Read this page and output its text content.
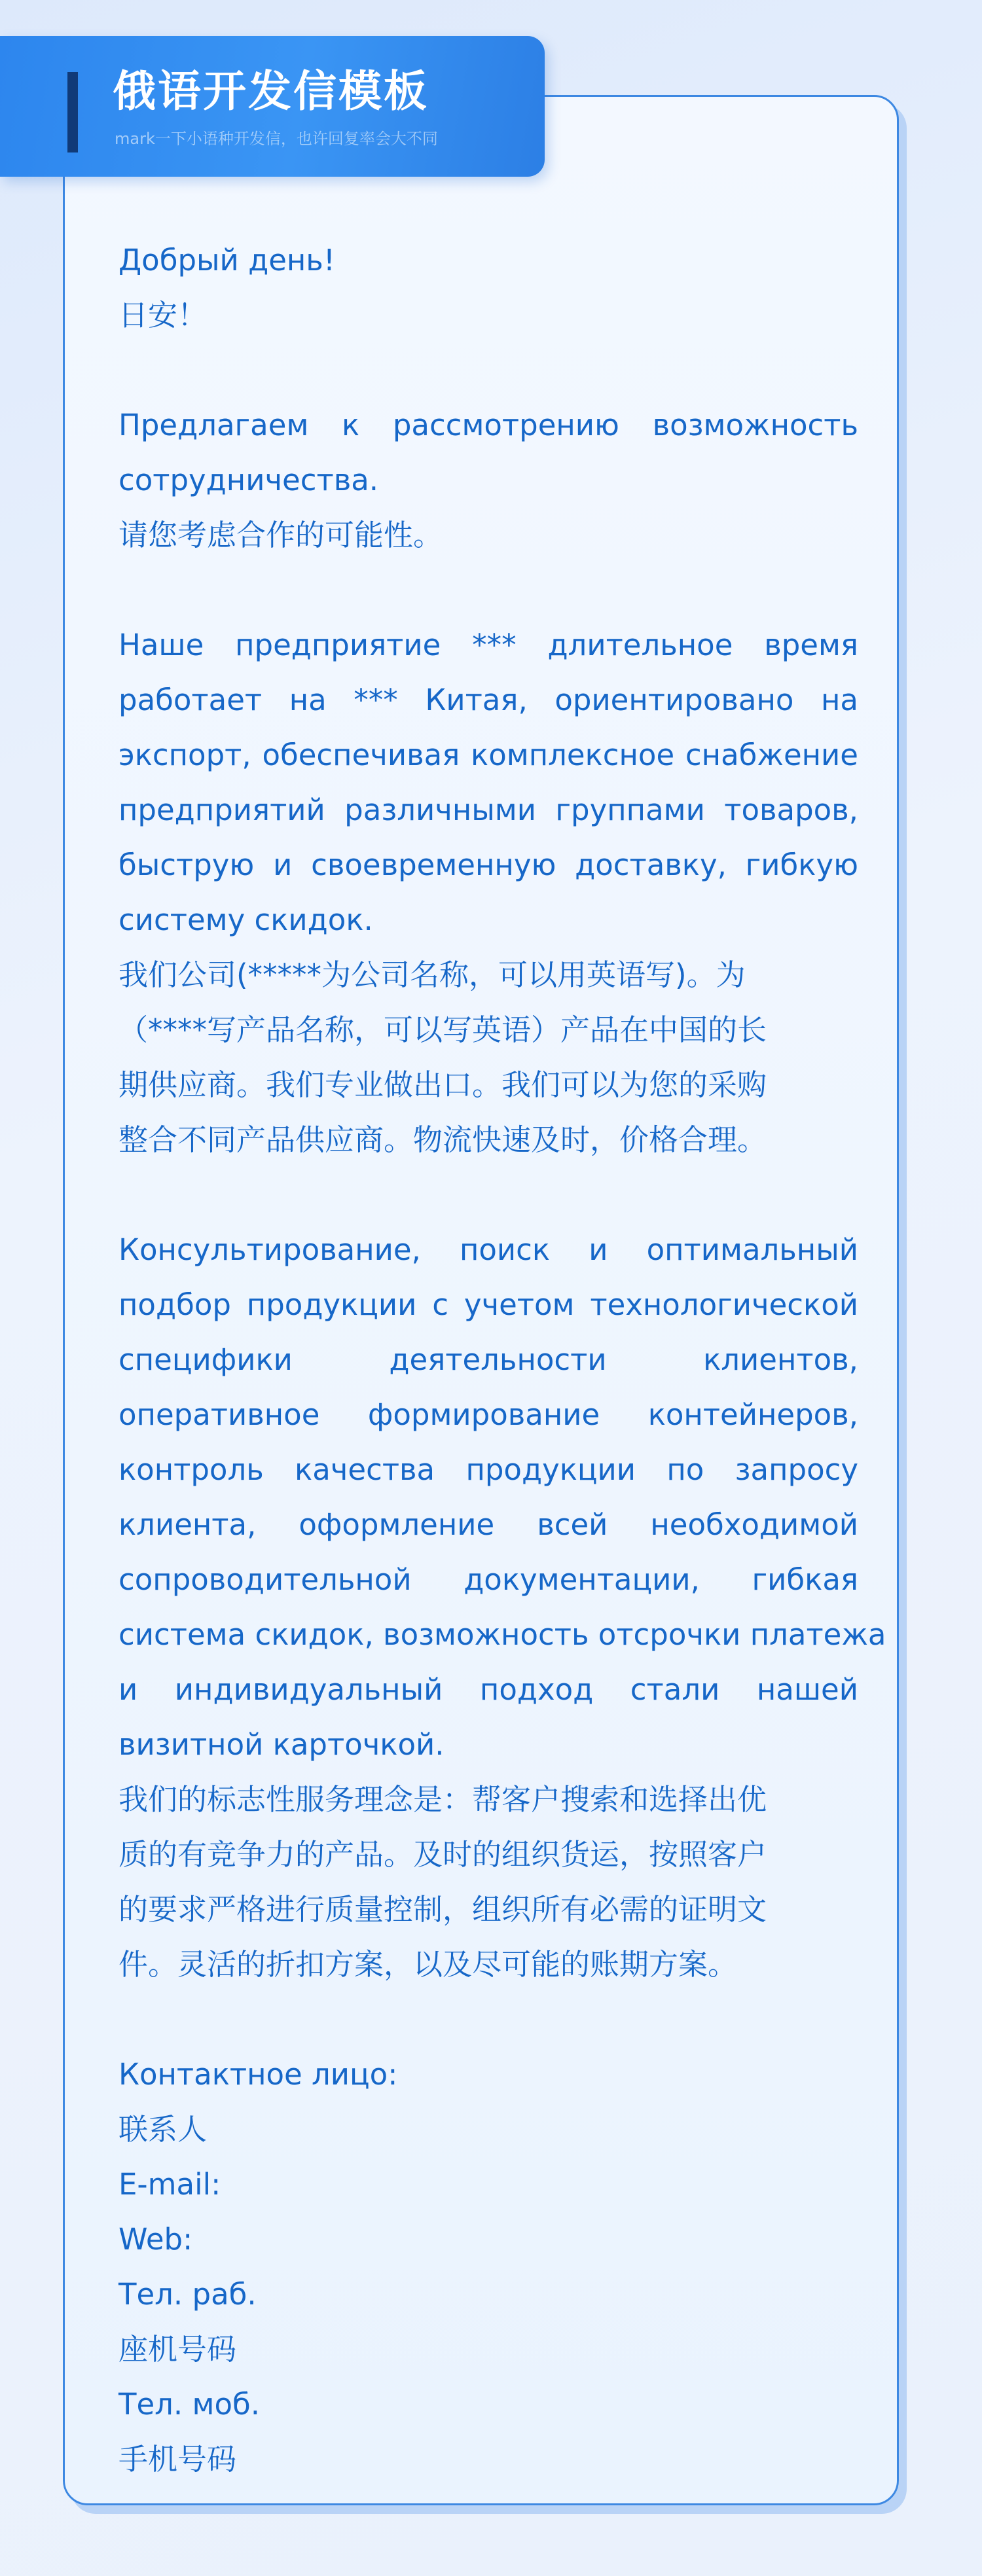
俄语开发信模板

mark一下小语种开发信，也许回复率会大不同

Добрый день!
日安！
Предлагаем к рассмотрению возможность
сотрудничества.
请您考虑合作的可能性。
Наше предприятие *** длительное время
работает на *** Китая, ориентировано на
экспорт, обеспечивая комплексное снабжение
предприятий различными группами товаров,
быструю и своевременную доставку, гибкую
систему скидок.
我们公司(*****为公司名称，可以用英语写)。为
（****写产品名称，可以写英语）产品在中国的长
期供应商。我们专业做出口。我们可以为您的采购
整合不同产品供应商。物流快速及时，价格合理。
Консультирование, поиск и оптимальный
подбор продукции с учетом технологической
специфики деятельности клиентов,
оперативное формирование контейнеров,
контроль качества продукции по запросу
клиента, оформление всей необходимой
сопроводительной документации, гибкая
система скидок, возможность отсрочки платежа
и индивидуальный подход стали нашей
визитной карточкой.
我们的标志性服务理念是：帮客户搜索和选择出优
质的有竞争力的产品。及时的组织货运，按照客户
的要求严格进行质量控制，组织所有必需的证明文
件。灵活的折扣方案，以及尽可能的账期方案。
Контактное лицо:
联系人
E-mail:
Web:
Тел. раб.
座机号码
Тел. моб.
手机号码
